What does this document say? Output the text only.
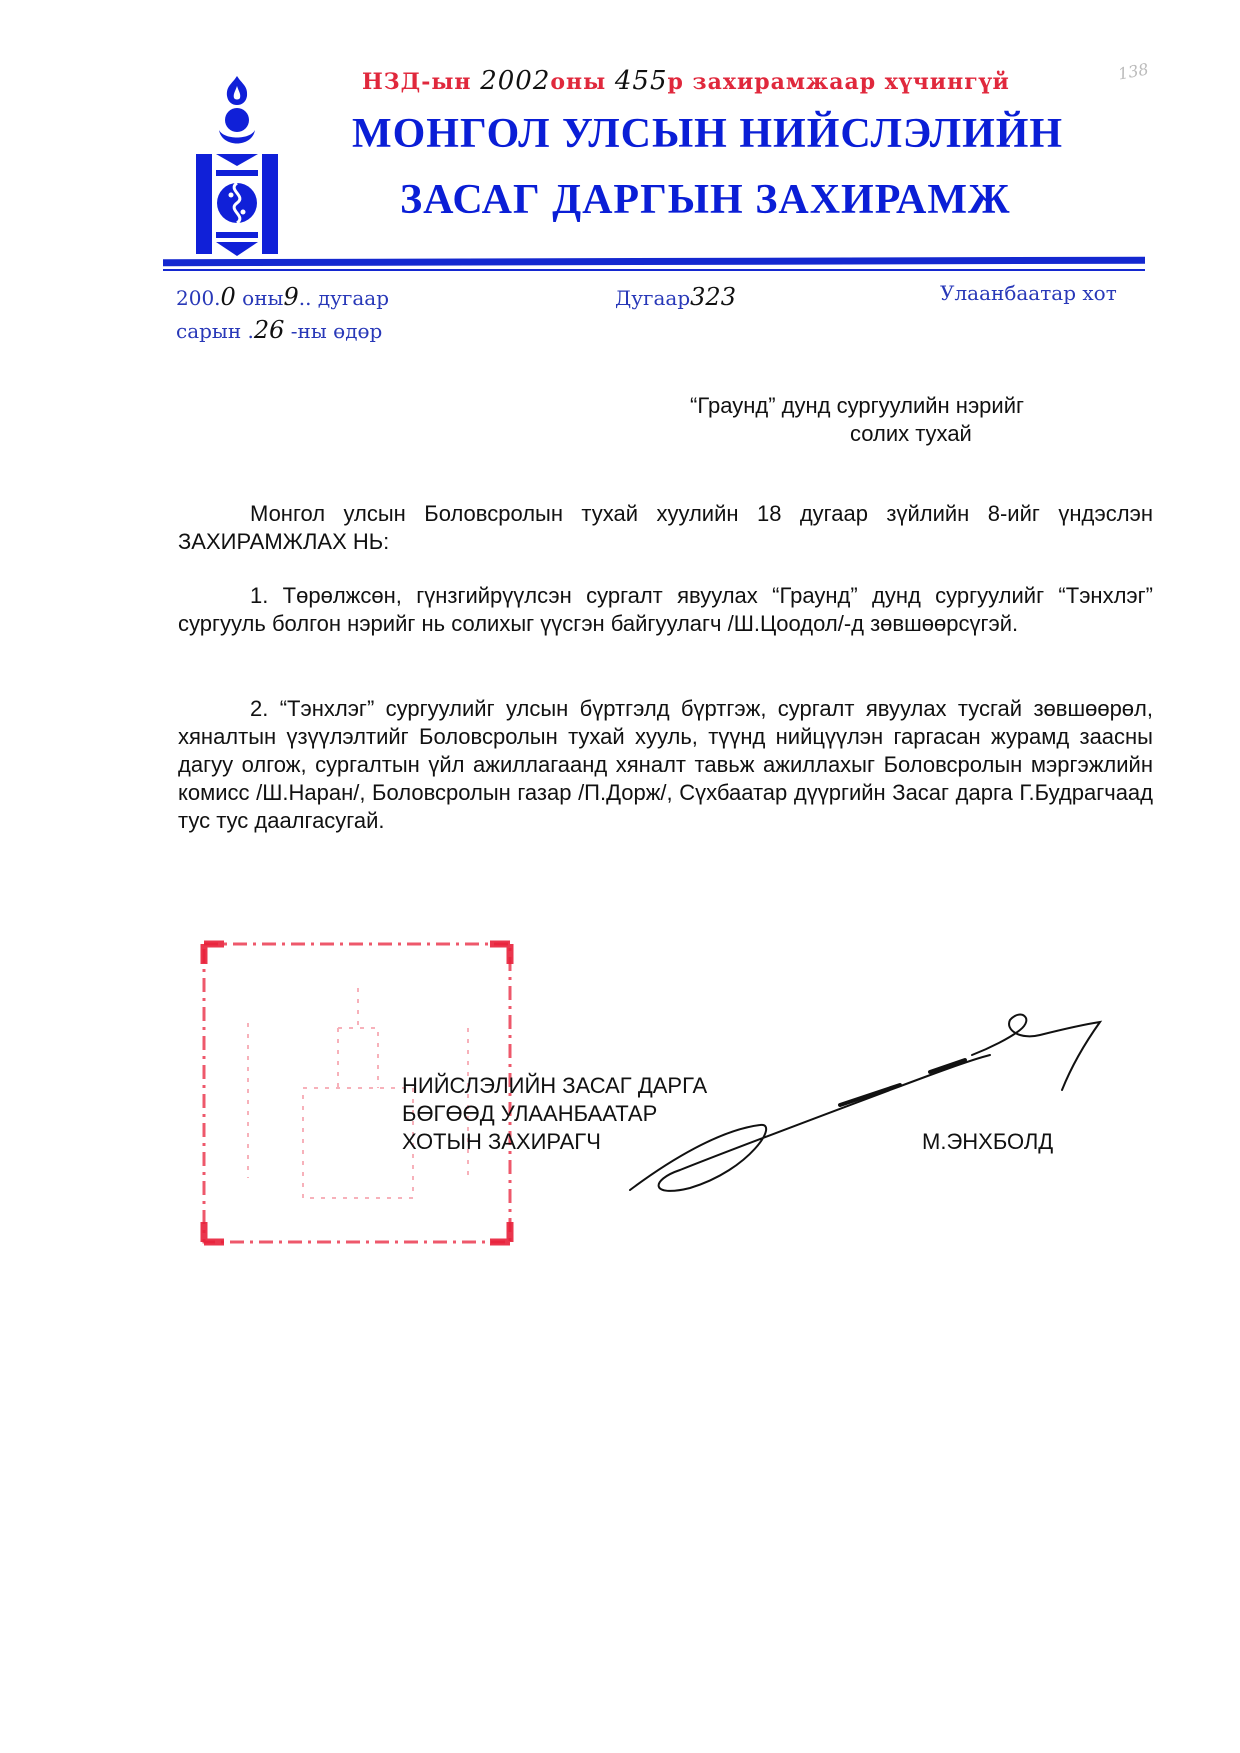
НЗД-ын 2002оны 455р захирамжаар хүчингүй
МОНГОЛ УЛСЫН НИЙСЛЭЛИЙН
ЗАСАГ ДАРГЫН ЗАХИРАМЖ
138
200.0 оны9.. дугаар
сарын .26 -ны өдөр
Дугаар323	Улаанбаатар хот
“Граунд” дунд сургуулийн нэрийг
солих тухай
Монгол улсын Боловсролын тухай хуулийн 18 дугаар зүйлийн 8-ийг үндэслэн ЗАХИРАМЖЛАХ НЬ:
1. Төрөлжсөн, гүнзгийрүүлсэн сургалт явуулах “Граунд” дунд сургуулийг “Тэнхлэг” сургууль болгон нэрийг нь солихыг үүсгэн байгуулагч /Ш.Цоодол/-д зөвшөөрсүгэй.
2. “Тэнхлэг” сургуулийг улсын бүртгэлд бүртгэж, сургалт явуулах тусгай зөвшөөрөл, хяналтын үзүүлэлтийг Боловсролын тухай хууль, түүнд нийцүүлэн гаргасан журамд заасны дагуу олгож, сургалтын үйл ажиллагаанд хяналт тавьж ажиллахыг Боловсролын мэргэжлийн комисс /Ш.Наран/, Боловсролын газар /П.Дорж/, Сүхбаатар дүүргийн Засаг дарга Г.Будрагчаад тус тус даалгасугай.
НИЙСЛЭЛИЙН ЗАСАГ ДАРГА
БӨГӨӨД УЛААНБААТАР
ХОТЫН ЗАХИРАГЧ	М.ЭНХБОЛД
